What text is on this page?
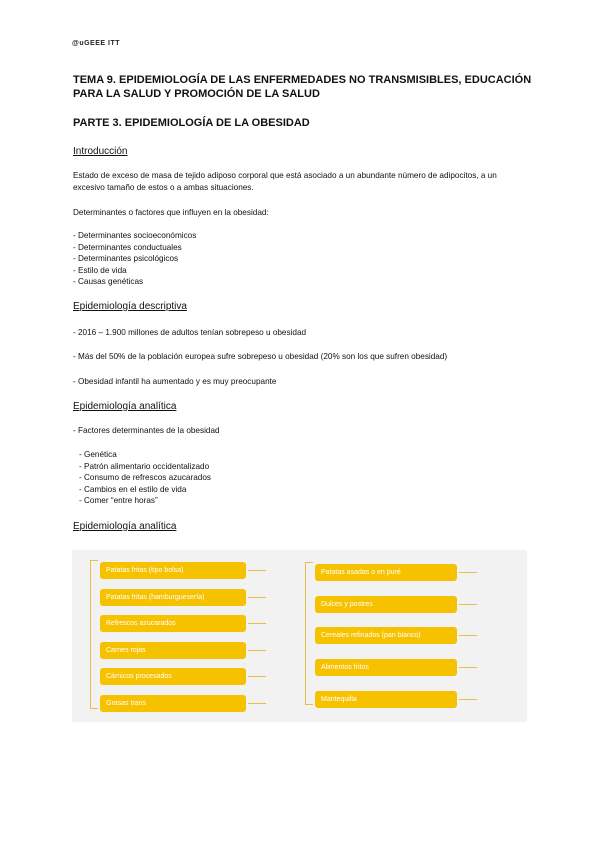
@uGEEE ITT
TEMA 9. EPIDEMIOLOGÍA DE LAS ENFERMEDADES NO TRANSMISIBLES, EDUCACIÓN PARA LA SALUD Y PROMOCIÓN DE LA SALUD
PARTE 3. EPIDEMIOLOGÍA DE LA OBESIDAD
Introducción
Estado de exceso de masa de tejido adiposo corporal que está asociado a un abundante número de adipocitos, a un excesivo tamaño de estos o a ambas situaciones.
Determinantes o factores que influyen en la obesidad:
- Determinantes socioeconómicos
- Determinantes conductuales
- Determinantes psicológicos
- Estilo de vida
- Causas genéticas
Epidemiología descriptiva
- 2016 – 1.900 millones de adultos tenían sobrepeso u obesidad
- Más del 50% de la población europea sufre sobrepeso u obesidad (20% son los que sufren obesidad)
- Obesidad infantil ha aumentado y es muy preocupante
Epidemiología analítica
- Factores determinantes de la obesidad
- Genética
- Patrón alimentario occidentalizado
- Consumo de refrescos azucarados
- Cambios en el estilo de vida
- Comer “entre horas”
Epidemiología analítica
Patatas fritas (tipo bolsa)
Patatas fritas (hamburguesería)
Refrescos azucarados
Carnes rojas
Cárnicos procesados
Grasas trans
Patatas asadas o en puré
Dulces y postres
Cereales refinados (pan blanco)
Alimentos fritos
Mantequilla
